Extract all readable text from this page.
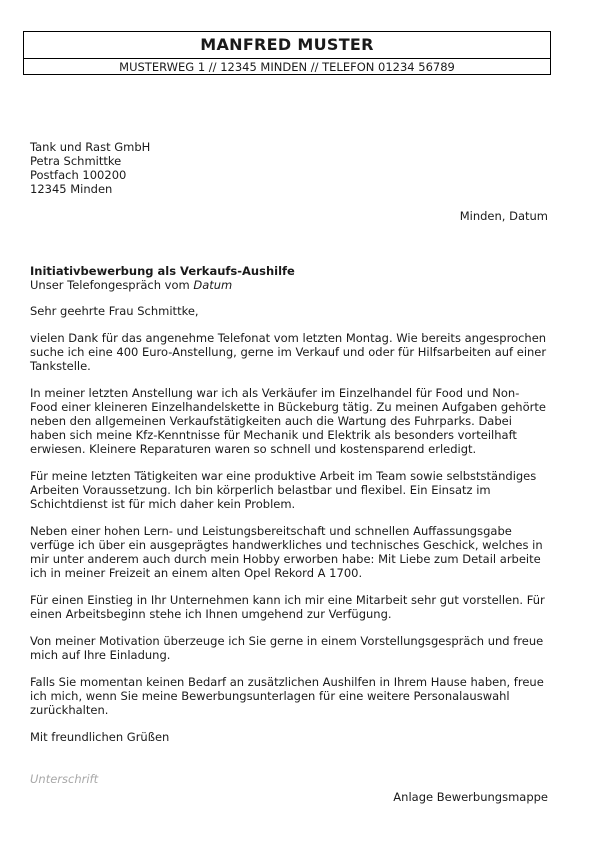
MANFRED MUSTER
MUSTERWEG 1 // 12345 MINDEN // TELEFON 01234 56789
Tank und Rast GmbH
Petra Schmittke
Postfach 100200
12345 Minden
Minden, Datum
Initiativbewerbung als Verkaufs-Aushilfe
Unser Telefongespräch vom Datum

Sehr geehrte Frau Schmittke,

vielen Dank für das angenehme Telefonat vom letzten Montag. Wie bereits angesprochen
suche ich eine 400 Euro-Anstellung, gerne im Verkauf und oder für Hilfsarbeiten auf einer
Tankstelle.

In meiner letzten Anstellung war ich als Verkäufer im Einzelhandel für Food und Non-
Food einer kleineren Einzelhandelskette in Bückeburg tätig. Zu meinen Aufgaben gehörte
neben den allgemeinen Verkaufstätigkeiten auch die Wartung des Fuhrparks. Dabei
haben sich meine Kfz-Kenntnisse für Mechanik und Elektrik als besonders vorteilhaft
erwiesen. Kleinere Reparaturen waren so schnell und kostensparend erledigt.

Für meine letzten Tätigkeiten war eine produktive Arbeit im Team sowie selbstständiges
Arbeiten Voraussetzung. Ich bin körperlich belastbar und flexibel. Ein Einsatz im
Schichtdienst ist für mich daher kein Problem.

Neben einer hohen Lern- und Leistungsbereitschaft und schnellen Auffassungsgabe
verfüge ich über ein ausgeprägtes handwerkliches und technisches Geschick, welches in
mir unter anderem auch durch mein Hobby erworben habe: Mit Liebe zum Detail arbeite
ich in meiner Freizeit an einem alten Opel Rekord A 1700.

Für einen Einstieg in Ihr Unternehmen kann ich mir eine Mitarbeit sehr gut vorstellen. Für
einen Arbeitsbeginn stehe ich Ihnen umgehend zur Verfügung.

Von meiner Motivation überzeuge ich Sie gerne in einem Vorstellungsgespräch und freue
mich auf Ihre Einladung.

Falls Sie momentan keinen Bedarf an zusätzlichen Aushilfen in Ihrem Hause haben, freue
ich mich, wenn Sie meine Bewerbungsunterlagen für eine weitere Personalauswahl
zurückhalten.

Mit freundlichen Grüßen

Unterschrift
Anlage Bewerbungsmappe
